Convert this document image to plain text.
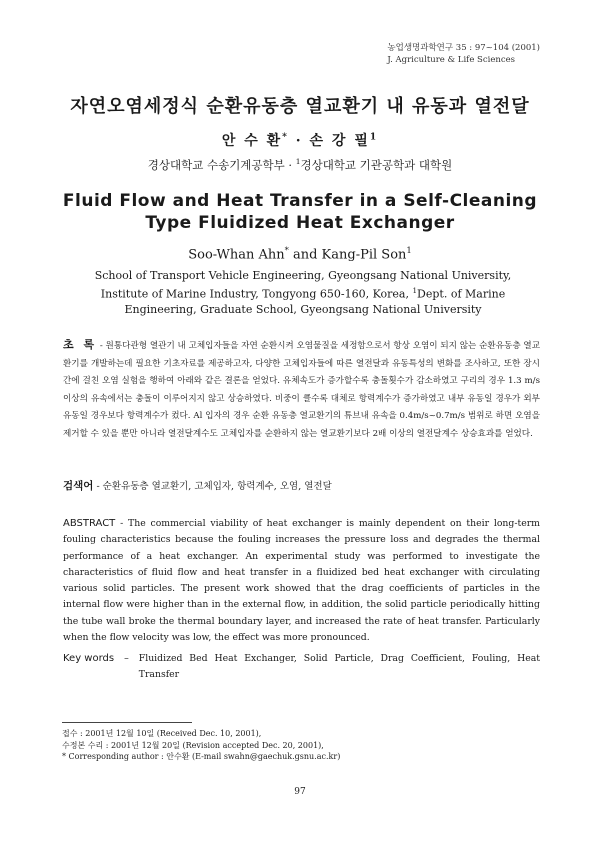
농업생명과학연구 35 : 97~104 (2001)
J. Agriculture & Life Sciences
자연오염세정식 순환유동층 열교환기 내 유동과 열전달
안 수 환* · 손 강 필$^1$
경상대학교 수송기계공학부 · $^1$경상대학교 기관공학과 대학원
Fluid Flow and Heat Transfer in a Self-Cleaning
Type Fluidized Heat Exchanger
Soo-Whan Ahn* and Kang-Pil Son$^1$
School of Transport Vehicle Engineering, Gyeongsang National University, Institute of Marine Industry, Tongyong 650-160, Korea, $^1$Dept. of Marine Engineering, Graduate School, Gyeongsang National University
초 록 - 원통다관형 열관기 내 고체입자들을 자연 순환시켜 오염물질을 세정함으로서 항상 오염이 되지 않는 순환유동층 열교환기를 개발하는데 필요한 기초자료를 제공하고자, 다양한 고체입자들에 따른 열전달과 유동특성의 변화를 조사하고, 또한 장시간에 걸친 오염 실험을 행하여 아래와 같은 결론을 얻었다. 유체속도가 증가할수록 충돌횟수가 감소하였고 구리의 경우 1.3 m/s이상의 유속에서는 충돌이 이루어지지 않고 상승하였다. 비중이 클수록 대체로 항력계수가 증가하였고 내부 유동일 경우가 외부유동일 경우보다 항력계수가 컸다. Al 입자의 경우 순환 유동층 열교환기의 튜브내 유속을 0.4m/s~0.7m/s 범위로 하면 오염을 제거할 수 있을 뿐만 아니라 열전달계수도 고체입자를 순환하지 않는 열교환기보다 2배 이상의 열전달계수 상승효과를 얻었다.
검색어 - 순환유동층 열교환기, 고체입자, 항력계수, 오염, 열전달
ABSTRACT - The commercial viability of heat exchanger is mainly dependent on their long-term fouling characteristics because the fouling increases the pressure loss and degrades the thermal performance of a heat exchanger. An experimental study was performed to investigate the characteristics of fluid flow and heat transfer in a fluidized bed heat exchanger with circulating various solid particles. The present work showed that the drag coefficients of particles in the internal flow were higher than in the external flow, in addition, the solid particle periodically hitting the tube wall broke the thermal boundary layer, and increased the rate of heat transfer. Particularly when the flow velocity was low, the effect was more pronounced.
Key words – Fluidized Bed Heat Exchanger, Solid Particle, Drag Coefficient, Fouling, Heat Transfer
접수 : 2001년 12월 10일 (Received Dec. 10, 2001),
수정본 수리 : 2001년 12월 20일 (Revision accepted Dec. 20, 2001),
* Corresponding author : 안수환 (E-mail swahn@gaechuk.gsnu.ac.kr)
97
